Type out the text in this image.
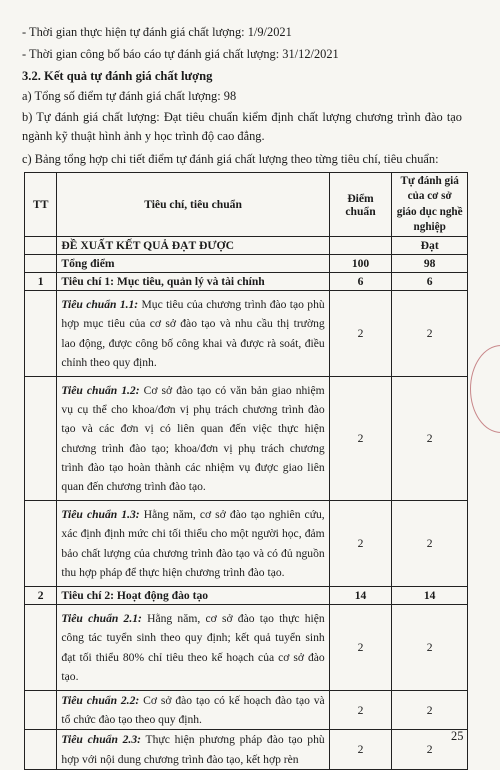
- Thời gian thực hiện tự đánh giá chất lượng: 1/9/2021
- Thời gian công bố báo cáo tự đánh giá chất lượng: 31/12/2021
3.2. Kết quả tự đánh giá chất lượng
a) Tổng số điểm tự đánh giá chất lượng: 98
b) Tự đánh giá chất lượng: Đạt tiêu chuẩn kiểm định chất lượng chương trình đào tạo ngành kỹ thuật hình ảnh y học trình độ cao đẳng.
c) Bảng tổng hợp chi tiết điểm tự đánh giá chất lượng theo từng tiêu chí, tiêu chuẩn:
TT	Tiêu chí, tiêu chuẩn	Điểm chuẩn	Tự đánh giá của cơ sở giáo dục nghề nghiệp
	ĐỀ XUẤT KẾT QUẢ ĐẠT ĐƯỢC		Đạt
	Tổng điểm	100	98
1	Tiêu chí 1: Mục tiêu, quản lý và tài chính	6	6
	Tiêu chuẩn 1.1: Mục tiêu của chương trình đào tạo phù hợp mục tiêu của cơ sở đào tạo và nhu cầu thị trường lao động, được công bố công khai và được rà soát, điều chỉnh theo quy định.	2	2
	Tiêu chuẩn 1.2: Cơ sở đào tạo có văn bản giao nhiệm vụ cụ thể cho khoa/đơn vị phụ trách chương trình đào tạo và các đơn vị có liên quan đến việc thực hiện chương trình đào tạo; khoa/đơn vị phụ trách chương trình đào tạo hoàn thành các nhiệm vụ được giao liên quan đến chương trình đào tạo.	2	2
	Tiêu chuẩn 1.3: Hằng năm, cơ sở đào tạo nghiên cứu, xác định định mức chi tối thiểu cho một người học, đảm bảo chất lượng của chương trình đào tạo và có đủ nguồn thu hợp pháp để thực hiện chương trình đào tạo.	2	2
2	Tiêu chí 2: Hoạt động đào tạo	14	14
	Tiêu chuẩn 2.1: Hằng năm, cơ sở đào tạo thực hiện công tác tuyển sinh theo quy định; kết quả tuyển sinh đạt tối thiểu 80% chỉ tiêu theo kế hoạch của cơ sở đào tạo.	2	2
	Tiêu chuẩn 2.2: Cơ sở đào tạo có kế hoạch đào tạo và tổ chức đào tạo theo quy định.	2	2
	Tiêu chuẩn 2.3: Thực hiện phương pháp đào tạo phù hợp với nội dung chương trình đào tạo, kết hợp rèn	2	2
25
